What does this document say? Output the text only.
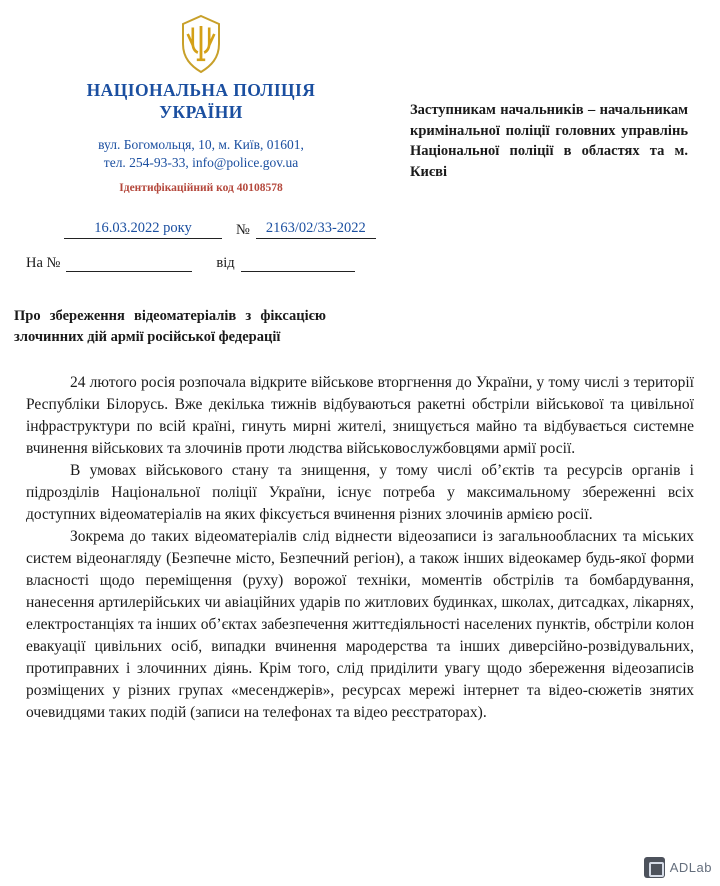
НАЦІОНАЛЬНА ПОЛІЦІЯ
УКРАЇНИ
вул. Богомольця, 10, м. Київ, 01601,
тел. 254-93-33, info@police.gov.ua
Ідентифікаційний код 40108578
Заступникам начальників – начальникам кримінальної поліції головних управлінь Національної поліції в областях та м. Києві
16.03.2022 року	№	2163/02/33-2022
На №
	від

Про збереження відеоматеріалів з фіксацією злочинних дій армії російської федерації

24 лютого росія розпочала відкрите військове вторгнення до України, у тому числі з території Республіки Білорусь. Вже декілька тижнів відбуваються ракетні обстріли військової та цивільної інфраструктури по всій країні, гинуть мирні жителі, знищується майно та відбувається системне вчинення військових та злочинів проти людства військовослужбовцями армії росії.

В умовах військового стану та знищення, у тому числі об’єктів та ресурсів органів і підрозділів Національної поліції України, існує потреба у максимальному збереженні всіх доступних відеоматеріалів на яких фіксується вчинення різних злочинів армією росії.

Зокрема до таких відеоматеріалів слід віднести відеозаписи із загальнообласних та міських систем відеонагляду (Безпечне місто, Безпечний регіон), а також інших відеокамер будь-якої форми власності щодо переміщення (руху) ворожої техніки, моментів обстрілів та бомбардування, нанесення артилерійських чи авіаційних ударів по житлових будинках, школах, дитсадках, лікарнях, електростанціях та інших об’єктах забезпечення життєдіяльності населених пунктів, обстріли колон евакуації цивільних осіб, випадки вчинення мародерства та інших диверсійно-розвідувальних, протиправних і злочинних діянь. Крім того, слід приділити увагу щодо збереження відеозаписів розміщених у різних групах «месенджерів», ресурсах мережі інтернет та відео-сюжетів знятих очевидцями таких подій (записи на телефонах та відео реєстраторах).

ADLab
